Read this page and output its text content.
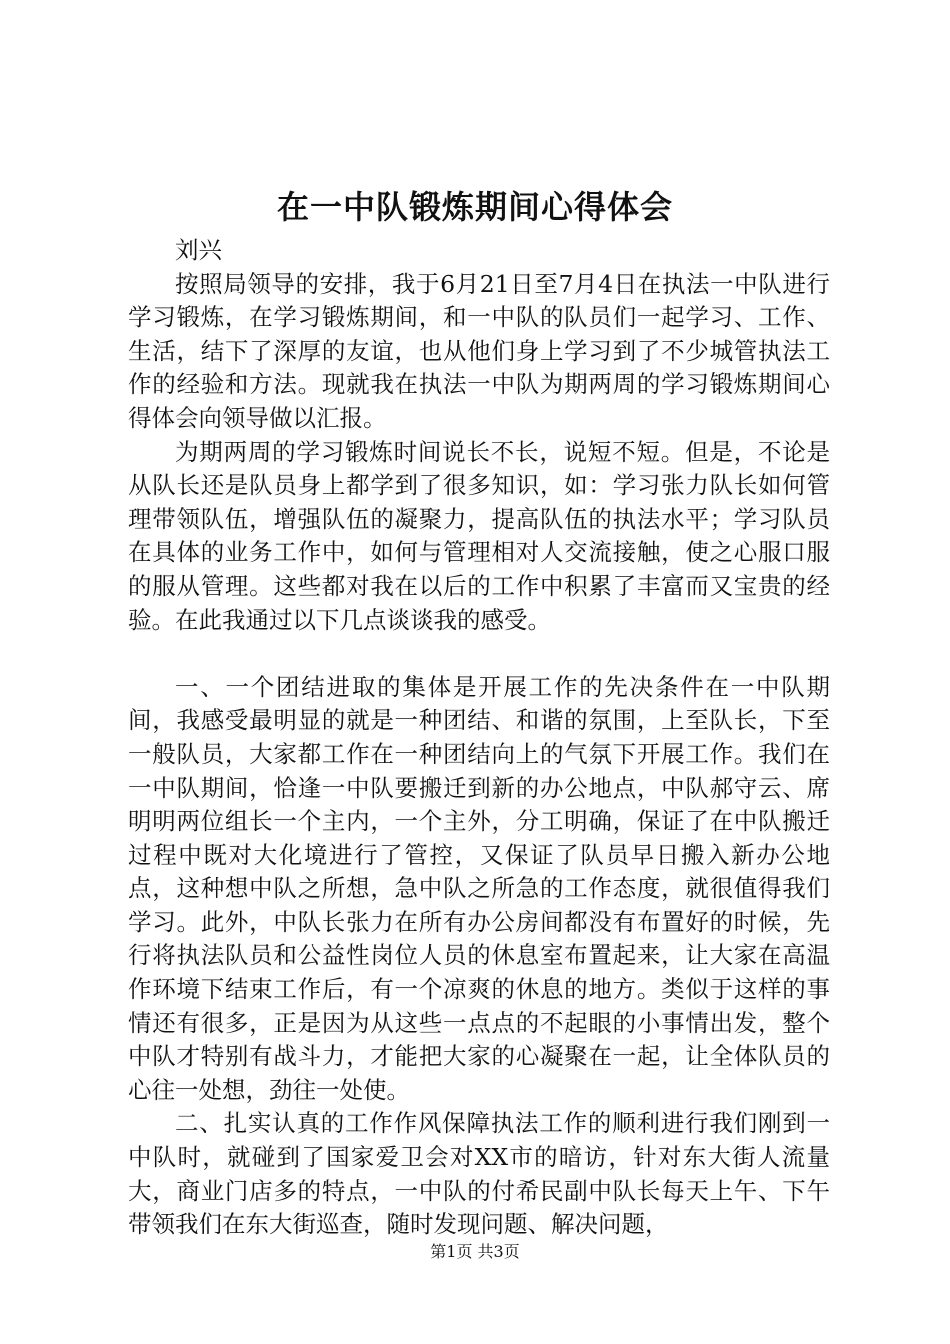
在一中队锻炼期间心得体会

刘兴

按照局领导的安排，我于6月21日至7月4日在执法一中队进行学习锻炼，在学习锻炼期间，和一中队的队员们一起学习、工作、生活，结下了深厚的友谊，也从他们身上学习到了不少城管执法工作的经验和方法。现就我在执法一中队为期两周的学习锻炼期间心得体会向领导做以汇报。

为期两周的学习锻炼时间说长不长，说短不短。但是，不论是从队长还是队员身上都学到了很多知识，如：学习张力队长如何管理带领队伍，增强队伍的凝聚力，提高队伍的执法水平；学习队员在具体的业务工作中，如何与管理相对人交流接触，使之心服口服的服从管理。这些都对我在以后的工作中积累了丰富而又宝贵的经验。在此我通过以下几点谈谈我的感受。

一、一个团结进取的集体是开展工作的先决条件在一中队期间，我感受最明显的就是一种团结、和谐的氛围，上至队长，下至一般队员，大家都工作在一种团结向上的气氛下开展工作。我们在一中队期间，恰逢一中队要搬迁到新的办公地点，中队郝守云、席明明两位组长一个主内，一个主外，分工明确，保证了在中队搬迁过程中既对大化境进行了管控，又保证了队员早日搬入新办公地点，这种想中队之所想，急中队之所急的工作态度，就很值得我们学习。此外，中队长张力在所有办公房间都没有布置好的时候，先行将执法队员和公益性岗位人员的休息室布置起来，让大家在高温作环境下结束工作后，有一个凉爽的休息的地方。类似于这样的事情还有很多，正是因为从这些一点点的不起眼的小事情出发，整个中队才特别有战斗力，才能把大家的心凝聚在一起，让全体队员的心往一处想，劲往一处使。

二、扎实认真的工作作风保障执法工作的顺利进行我们刚到一中队时，就碰到了国家爱卫会对XX市的暗访，针对东大街人流量大，商业门店多的特点，一中队的付希民副中队长每天上午、下午带领我们在东大街巡查，随时发现问题、解决问题，

第1页 共3页
